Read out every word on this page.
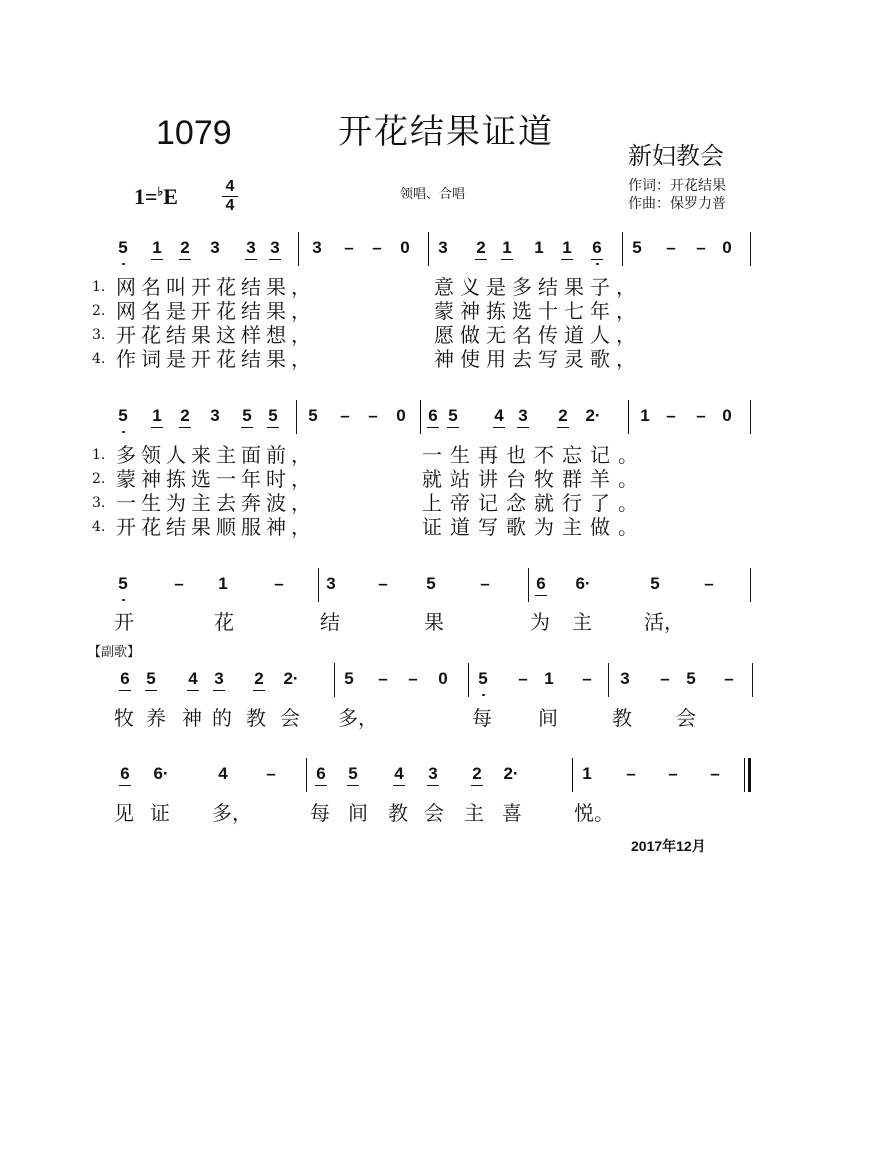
1079	开花结果证道
新妇教会
1=♭E	4
4
领唱、合唱
作词：开花结果
作曲：保罗力普
5 1 2 3 3 3 3 – – 0 3 2 1 1 1 6 5 – – 0
1. 网名叫开花结果，	意义是多结果子，
2. 网名是开花结果，	蒙神拣选十七年，
3. 开花结果这样想，	愿做无名传道人，
4. 作词是开花结果，	神使用去写灵歌，
5 1 2 3 5 5 5 – – 0 6 5 4 3 2 2· 1 – – 0
1. 多领人来主面前，	一生再也不忘记。
2. 蒙神拣选一年时，	就站讲台牧群羊。
3. 一生为主去奔波，	上帝记念就行了。
4. 开花结果顺服神，	证道写歌为主做。
5	– 1	–	3	– 5	–	6 6·	5	–
开	花	结	果	为 主	活，
【副歌】
6 5 4 3 2 2·	5 – – 0 5 – 1 – 3 – 5 –
牧 养 神 的 教 会 多，	每 间	教 会
6 6·	4 – 6 5 4 3 2 2·	1 – – –
见 证 多，	每 间 教 会 主 喜	悦。
2017年12月
